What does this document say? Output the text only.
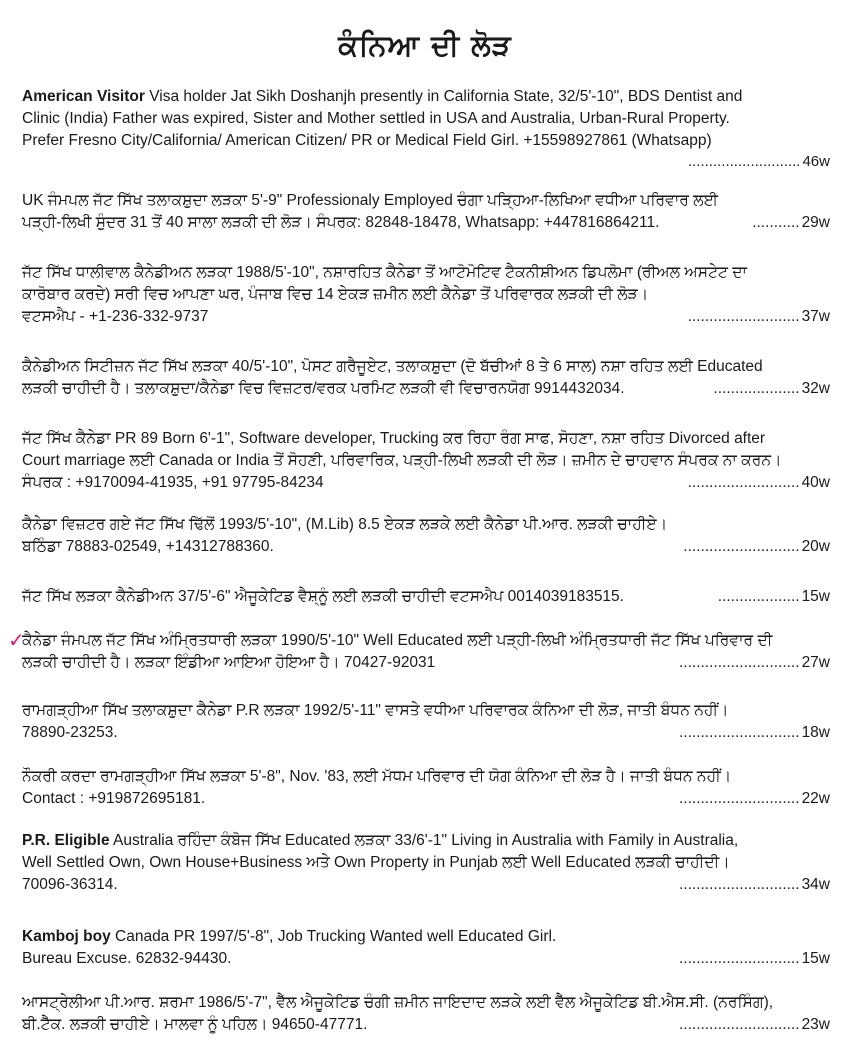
ਕੰਨਿਆ ਦੀ ਲੋੜ

American Visitor Visa holder Jat Sikh Doshanjh presently in California State, 32/5'-10", BDS Dentist and

Clinic (India) Father was expired, Sister and Mother settled in USA and Australia, Urban-Rural Property.

Prefer Fresno City/California/ American Citizen/ PR or Medical Field Girl. +15598927861 (Whatsapp)

........................... 46w

UK ਜੰਮਪਲ ਜੱਟ ਸਿੱਖ ਤਲਾਕਸ਼ੁਦਾ ਲੜਕਾ 5'-9" Professionaly Employed ਚੰਗਾ ਪੜ੍ਹਿਆ-ਲਿਖਿਆ ਵਧੀਆ ਪਰਿਵਾਰ ਲਈ

ਪੜ੍ਹੀ-ਲਿਖੀ ਸੁੰਦਰ 31 ਤੋਂ 40 ਸਾਲਾ ਲੜਕੀ ਦੀ ਲੋੜ। ਸੰਪਰਕ: 82848-18478, Whatsapp: +447816864211.	........... 29w

ਜੱਟ ਸਿੱਖ ਧਾਲੀਵਾਲ ਕੈਨੇਡੀਅਨ ਲੜਕਾ 1988/5'-10", ਨਸ਼ਾਰਹਿਤ ਕੈਨੇਡਾ ਤੋਂ ਆਟੋਮੋਟਿਵ ਟੈਕਨੀਸ਼ੀਅਨ ਡਿਪਲੋਮਾ (ਰੀਅਲ ਅਸਟੇਟ ਦਾ

ਕਾਰੋਬਾਰ ਕਰਦੇ) ਸਰੀ ਵਿਚ ਆਪਣਾ ਘਰ, ਪੰਜਾਬ ਵਿਚ 14 ਏਕੜ ਜ਼ਮੀਨ ਲਈ ਕੈਨੇਡਾ ਤੋਂ ਪਰਿਵਾਰਕ ਲੜਕੀ ਦੀ ਲੋੜ।

ਵਟਸਐਪ - +1-236-332-9737	.......................... 37w

ਕੈਨੇਡੀਅਨ ਸਿਟੀਜ਼ਨ ਜੱਟ ਸਿੱਖ ਲੜਕਾ 40/5'-10", ਪੋਸਟ ਗਰੈਜੂਏਟ, ਤਲਾਕਸ਼ੁਦਾ (ਦੋ ਬੱਚੀਆਂ 8 ਤੇ 6 ਸਾਲ) ਨਸ਼ਾ ਰਹਿਤ ਲਈ Educated

ਲੜਕੀ ਚਾਹੀਦੀ ਹੈ। ਤਲਾਕਸ਼ੁਦਾ/ਕੈਨੇਡਾ ਵਿਚ ਵਿਜ਼ਟਰ/ਵਰਕ ਪਰਮਿਟ ਲੜਕੀ ਵੀ ਵਿਚਾਰਨਯੋਗ 9914432034.	.................... 32w

ਜੱਟ ਸਿੱਖ ਕੈਨੇਡਾ PR 89 Born 6'-1", Software developer, Trucking ਕਰ ਰਿਹਾ ਰੰਗ ਸਾਫ, ਸੋਹਣਾ, ਨਸ਼ਾ ਰਹਿਤ Divorced after

Court marriage ਲਈ Canada or India ਤੋਂ ਸੋਹਣੀ, ਪਰਿਵਾਰਿਕ, ਪੜ੍ਹੀ-ਲਿਖੀ ਲੜਕੀ ਦੀ ਲੋੜ। ਜ਼ਮੀਨ ਦੇ ਚਾਹਵਾਨ ਸੰਪਰਕ ਨਾ ਕਰਨ।

ਸੰਪਰਕ : +9170094-41935, +91 97795-84234	.......................... 40w

ਕੈਨੇਡਾ ਵਿਜ਼ਟਰ ਗਏ ਜੱਟ ਸਿੱਖ ਢਿੱਲੋਂ 1993/5'-10", (M.Lib) 8.5 ਏਕੜ ਲੜਕੇ ਲਈ ਕੈਨੇਡਾ ਪੀ.ਆਰ. ਲੜਕੀ ਚਾਹੀਏ।

ਬਠਿੰਡਾ 78883-02549, +14312788360.	........................... 20w
ਜੱਟ ਸਿੱਖ ਲੜਕਾ ਕੈਨੇਡੀਅਨ 37/5'-6" ਐਜੂਕੇਟਿਡ ਵੈਸ਼੍ਨੂੰ ਲਈ ਲੜਕੀ ਚਾਹੀਦੀ ਵਟਸਐਪ 0014039183515.	................... 15w
✓

ਕੈਨੇਡਾ ਜੰਮਪਲ ਜੱਟ ਸਿੱਖ ਅੰਮ੍ਰਿਤਧਾਰੀ ਲੜਕਾ 1990/5'-10" Well Educated ਲਈ ਪੜ੍ਹੀ-ਲਿਖੀ ਅੰਮ੍ਰਿਤਧਾਰੀ ਜੱਟ ਸਿੱਖ ਪਰਿਵਾਰ ਦੀ

ਲੜਕੀ ਚਾਹੀਦੀ ਹੈ। ਲੜਕਾ ਇੰਡੀਆ ਆਇਆ ਹੋਇਆ ਹੈ। 70427-92031	............................ 27w

ਰਾਮਗੜ੍ਹੀਆ ਸਿੱਖ ਤਲਾਕਸ਼ੁਦਾ ਕੈਨੇਡਾ P.R ਲੜਕਾ 1992/5'-11" ਵਾਸਤੇ ਵਧੀਆ ਪਰਿਵਾਰਕ ਕੰਨਿਆ ਦੀ ਲੋੜ, ਜਾਤੀ ਬੰਧਨ ਨਹੀਂ।

78890-23253.	............................ 18w

ਨੌਕਰੀ ਕਰਦਾ ਰਾਮਗੜ੍ਹੀਆ ਸਿੱਖ ਲੜਕਾ 5'-8", Nov. '83, ਲਈ ਮੱਧਮ ਪਰਿਵਾਰ ਦੀ ਯੋਗ ਕੰਨਿਆ ਦੀ ਲੋੜ ਹੈ। ਜਾਤੀ ਬੰਧਨ ਨਹੀਂ।

Contact : +919872695181.	............................ 22w

P.R. Eligible Australia ਰਹਿੰਦਾ ਕੰਬੋਜ ਸਿੱਖ Educated ਲੜਕਾ 33/6'-1" Living in Australia with Family in Australia,

Well Settled Own, Own House+Business ਅਤੇ Own Property in Punjab ਲਈ Well Educated ਲੜਕੀ ਚਾਹੀਦੀ।

70096-36314.	............................ 34w

Kamboj boy Canada PR 1997/5'-8", Job Trucking Wanted well Educated Girl.

Bureau Excuse. 62832-94430.	............................ 15w

ਆਸਟ੍ਰੇਲੀਆ ਪੀ.ਆਰ. ਸ਼ਰਮਾ 1986/5'-7", ਵੈੱਲ ਐਜੂਕੇਟਿਡ ਚੰਗੀ ਜ਼ਮੀਨ ਜਾਇਦਾਦ ਲੜਕੇ ਲਈ ਵੈੱਲ ਐਜੂਕੇਟਿਡ ਬੀ.ਐਸ.ਸੀ. (ਨਰਸਿੰਗ),

ਬੀ.ਟੈੱਕ. ਲੜਕੀ ਚਾਹੀਏ। ਮਾਲਵਾ ਨੂੰ ਪਹਿਲ। 94650-47771.	............................ 23w
